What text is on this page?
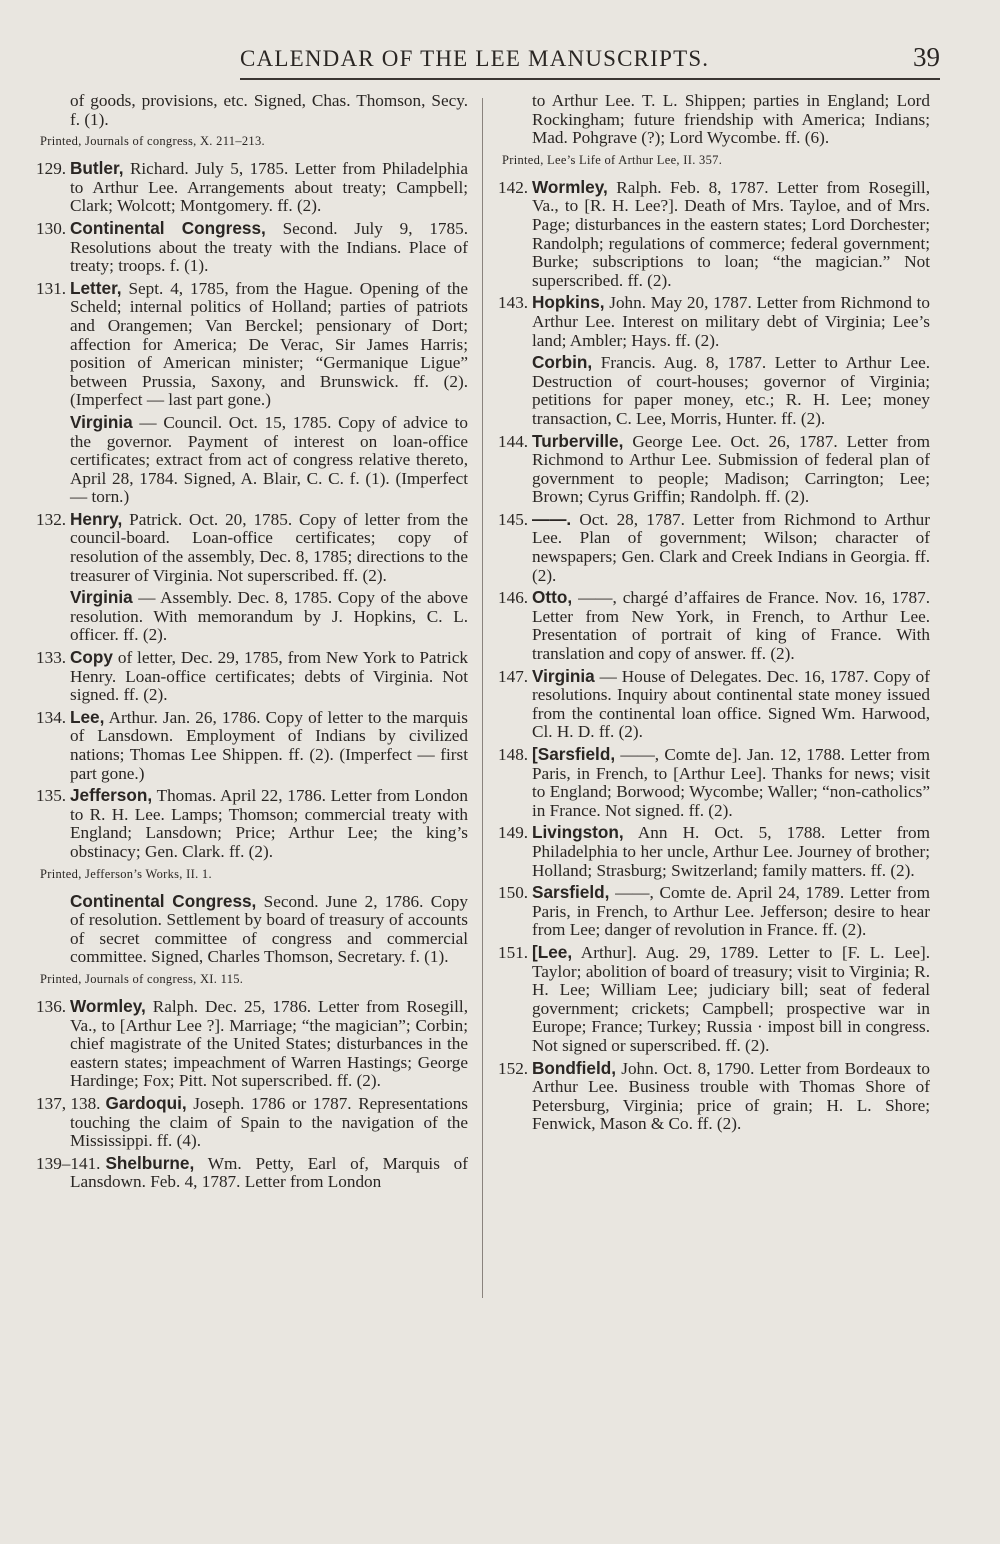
CALENDAR OF THE LEE MANUSCRIPTS.	39

of goods, provisions, etc. Signed, Chas. Thomson, Secy. f. (1).

Printed, Journals of congress, X. 211–213.

129. Butler, Richard. July 5, 1785. Letter from Philadelphia to Arthur Lee. Arrangements about treaty; Campbell; Clark; Wolcott; Montgomery. ff. (2).

130. Continental Congress, Second. July 9, 1785. Resolutions about the treaty with the Indians. Place of treaty; troops. f. (1).

131. Letter, Sept. 4, 1785, from the Hague. Opening of the Scheld; internal politics of Holland; parties of patriots and Orangemen; Van Berckel; pensionary of Dort; affection for America; De Verac, Sir James Harris; position of American minister; “Germanique Ligue” between Prussia, Saxony, and Brunswick. ff. (2). (Imperfect — last part gone.)

Virginia — Council. Oct. 15, 1785. Copy of advice to the governor. Payment of interest on loan-office certificates; extract from act of congress relative thereto, April 28, 1784. Signed, A. Blair, C. C. f. (1). (Imperfect — torn.)

132. Henry, Patrick. Oct. 20, 1785. Copy of letter from the council-board. Loan-office certificates; copy of resolution of the assembly, Dec. 8, 1785; directions to the treasurer of Virginia. Not superscribed. ff. (2).

Virginia — Assembly. Dec. 8, 1785. Copy of the above resolution. With memorandum by J. Hopkins, C. L. officer. ff. (2).

133. Copy of letter, Dec. 29, 1785, from New York to Patrick Henry. Loan-office certificates; debts of Virginia. Not signed. ff. (2).

134. Lee, Arthur. Jan. 26, 1786. Copy of letter to the marquis of Lansdown. Employment of Indians by civilized nations; Thomas Lee Shippen. ff. (2). (Imperfect — first part gone.)

135. Jefferson, Thomas. April 22, 1786. Letter from London to R. H. Lee. Lamps; Thomson; commercial treaty with England; Lansdown; Price; Arthur Lee; the king’s obstinacy; Gen. Clark. ff. (2).

Printed, Jefferson’s Works, II. 1.

Continental Congress, Second. June 2, 1786. Copy of resolution. Settlement by board of treasury of accounts of secret committee of congress and commercial committee. Signed, Charles Thomson, Secretary. f. (1).

Printed, Journals of congress, XI. 115.

136. Wormley, Ralph. Dec. 25, 1786. Letter from Rosegill, Va., to [Arthur Lee ?]. Marriage; “the magician”; Corbin; chief magistrate of the United States; disturbances in the eastern states; impeachment of Warren Hastings; George Hardinge; Fox; Pitt. Not superscribed. ff. (2).

137, 138. Gardoqui, Joseph. 1786 or 1787. Representations touching the claim of Spain to the navigation of the Mississippi. ff. (4).

139–141. Shelburne, Wm. Petty, Earl of, Marquis of Lansdown. Feb. 4, 1787. Letter from London

to Arthur Lee. T. L. Shippen; parties in England; Lord Rockingham; future friendship with America; Indians; Mad. Pohgrave (?); Lord Wycombe. ff. (6).

Printed, Lee’s Life of Arthur Lee, II. 357.

142. Wormley, Ralph. Feb. 8, 1787. Letter from Rosegill, Va., to [R. H. Lee?]. Death of Mrs. Tayloe, and of Mrs. Page; disturbances in the eastern states; Lord Dorchester; Randolph; regulations of commerce; federal government; Burke; subscriptions to loan; “the magician.” Not superscribed. ff. (2).

143. Hopkins, John. May 20, 1787. Letter from Richmond to Arthur Lee. Interest on military debt of Virginia; Lee’s land; Ambler; Hays. ff. (2).

Corbin, Francis. Aug. 8, 1787. Letter to Arthur Lee. Destruction of court-houses; governor of Virginia; petitions for paper money, etc.; R. H. Lee; money transaction, C. Lee, Morris, Hunter. ff. (2).

144. Turberville, George Lee. Oct. 26, 1787. Letter from Richmond to Arthur Lee. Submission of federal plan of government to people; Madison; Carrington; Lee; Brown; Cyrus Griffin; Randolph. ff. (2).

145. ——. Oct. 28, 1787. Letter from Richmond to Arthur Lee. Plan of government; Wilson; character of newspapers; Gen. Clark and Creek Indians in Georgia. ff. (2).

146. Otto, ——, chargé d’affaires de France. Nov. 16, 1787. Letter from New York, in French, to Arthur Lee. Presentation of portrait of king of France. With translation and copy of answer. ff. (2).

147. Virginia — House of Delegates. Dec. 16, 1787. Copy of resolutions. Inquiry about continental state money issued from the continental loan office. Signed Wm. Harwood, Cl. H. D. ff. (2).

148. [Sarsfield, ——, Comte de]. Jan. 12, 1788. Letter from Paris, in French, to [Arthur Lee]. Thanks for news; visit to England; Borwood; Wycombe; Waller; “non-catholics” in France. Not signed. ff. (2).

149. Livingston, Ann H. Oct. 5, 1788. Letter from Philadelphia to her uncle, Arthur Lee. Journey of brother; Holland; Strasburg; Switzerland; family matters. ff. (2).

150. Sarsfield, ——, Comte de. April 24, 1789. Letter from Paris, in French, to Arthur Lee. Jefferson; desire to hear from Lee; danger of revolution in France. ff. (2).

151. [Lee, Arthur]. Aug. 29, 1789. Letter to [F. L. Lee]. Taylor; abolition of board of treasury; visit to Virginia; R. H. Lee; William Lee; judiciary bill; seat of federal government; crickets; Campbell; prospective war in Europe; France; Turkey; Russia · impost bill in congress. Not signed or superscribed. ff. (2).

152. Bondfield, John. Oct. 8, 1790. Letter from Bordeaux to Arthur Lee. Business trouble with Thomas Shore of Petersburg, Virginia; price of grain; H. L. Shore; Fenwick, Mason & Co. ff. (2).
